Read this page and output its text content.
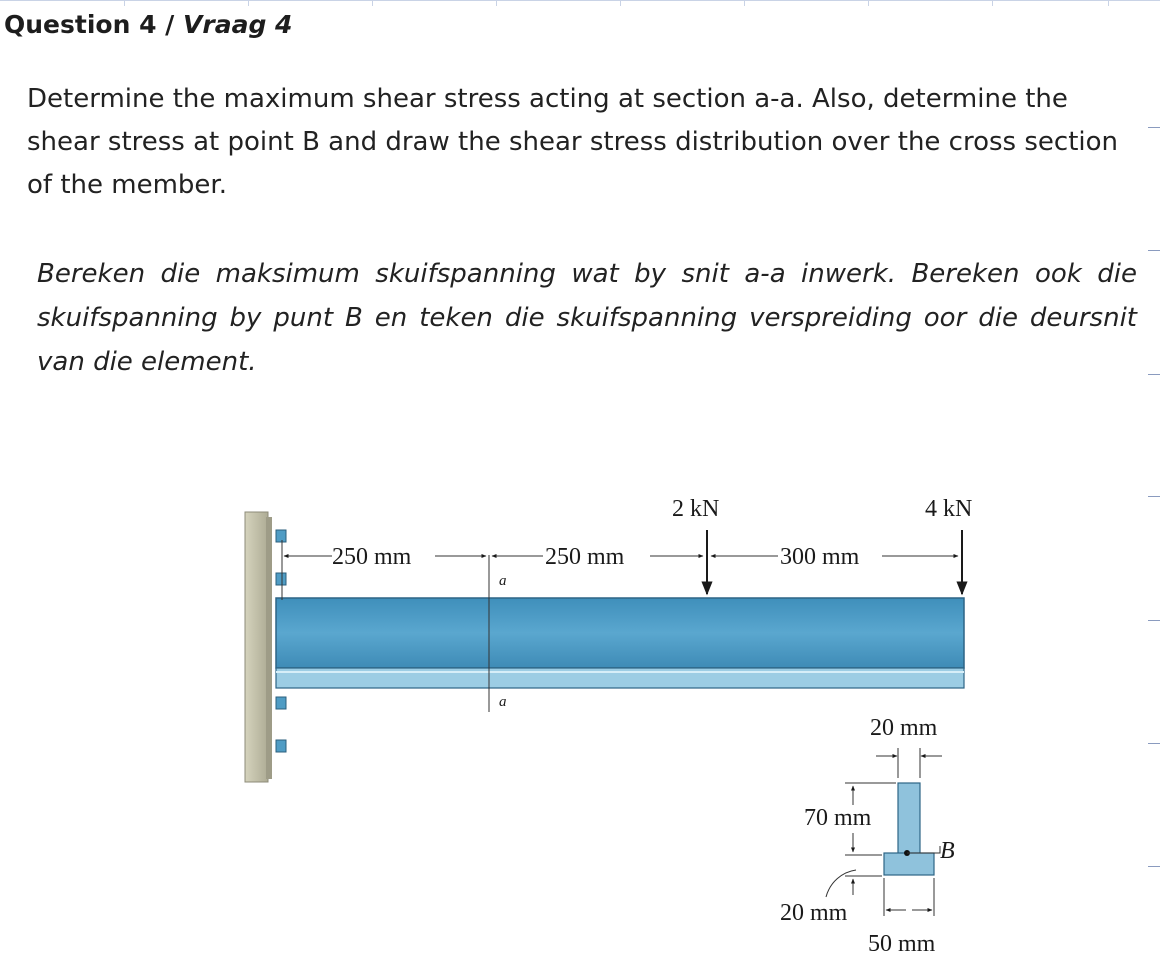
Question 4 / Vraag 4

Determine the maximum shear stress acting at section a-a. Also, determine the shear stress at point B and draw the shear stress distribution over the cross section of the member.

Bereken die maksimum skuifspanning wat by snit a-a inwerk. Bereken ook die skuifspanning by punt B en teken die skuifspanning verspreiding oor die deursnit van die element.

a
a
250 mm	250 mm	300 mm
2 kN	4 kN
B
20 mm
70 mm
20 mm
50 mm
